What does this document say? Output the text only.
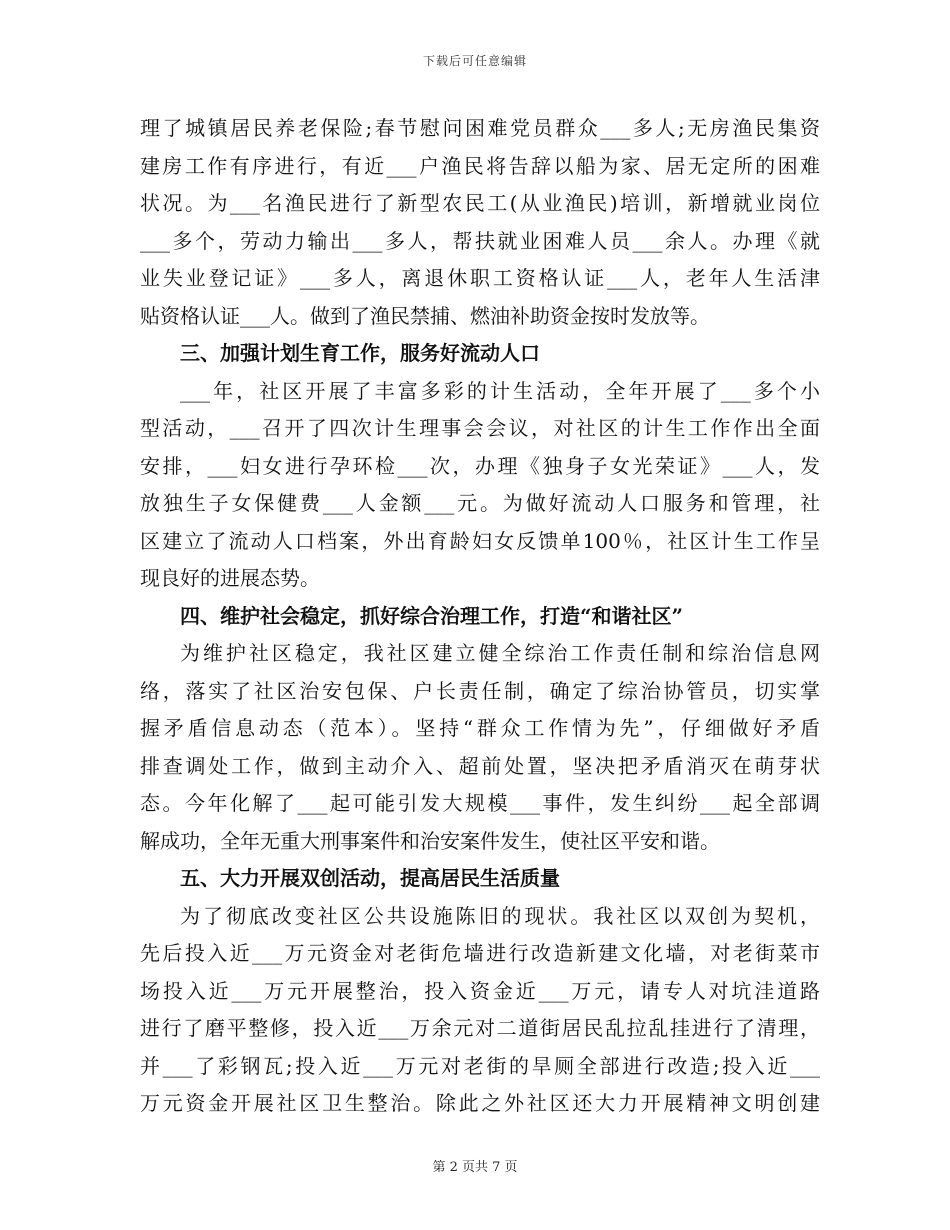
下载后可任意编辑
理了城镇居民养老保险;春节慰问困难党员群众___多人;无房渔民集资
建房工作有序进行，有近___户渔民将告辞以船为家、居无定所的困难
状况。为___名渔民进行了新型农民工(从业渔民)培训，新增就业岗位
___多个，劳动力输出___多人，帮扶就业困难人员___余人。办理《就
业失业登记证》___多人，离退休职工资格认证___人，老年人生活津
贴资格认证___人。做到了渔民禁捕、燃油补助资金按时发放等。
三、加强计划生育工作，服务好流动人口
___年，社区开展了丰富多彩的计生活动，全年开展了___多个小
型活动，___召开了四次计生理事会会议，对社区的计生工作作出全面
安排，___妇女进行孕环检___次，办理《独身子女光荣证》___人，发
放独生子女保健费___人金额___元。为做好流动人口服务和管理，社
区建立了流动人口档案，外出育龄妇女反馈单100％，社区计生工作呈
现良好的进展态势。
四、维护社会稳定，抓好综合治理工作，打造“和谐社区”
为维护社区稳定，我社区建立健全综治工作责任制和综治信息网
络，落实了社区治安包保、户长责任制，确定了综治协管员，切实掌
握矛盾信息动态（范本）。坚持“群众工作情为先”，仔细做好矛盾
排查调处工作，做到主动介入、超前处置，坚决把矛盾消灭在萌芽状
态。今年化解了___起可能引发大规模___事件，发生纠纷___起全部调
解成功，全年无重大刑事案件和治安案件发生，使社区平安和谐。
五、大力开展双创活动，提高居民生活质量
为了彻底改变社区公共设施陈旧的现状。我社区以双创为契机，
先后投入近___万元资金对老街危墙进行改造新建文化墙，对老街菜市
场投入近___万元开展整治，投入资金近___万元，请专人对坑洼道路
进行了磨平整修，投入近___万余元对二道街居民乱拉乱挂进行了清理，
并___了彩钢瓦;投入近___万元对老街的旱厕全部进行改造;投入近___
万元资金开展社区卫生整治。除此之外社区还大力开展精神文明创建
第 2 页共 7 页
